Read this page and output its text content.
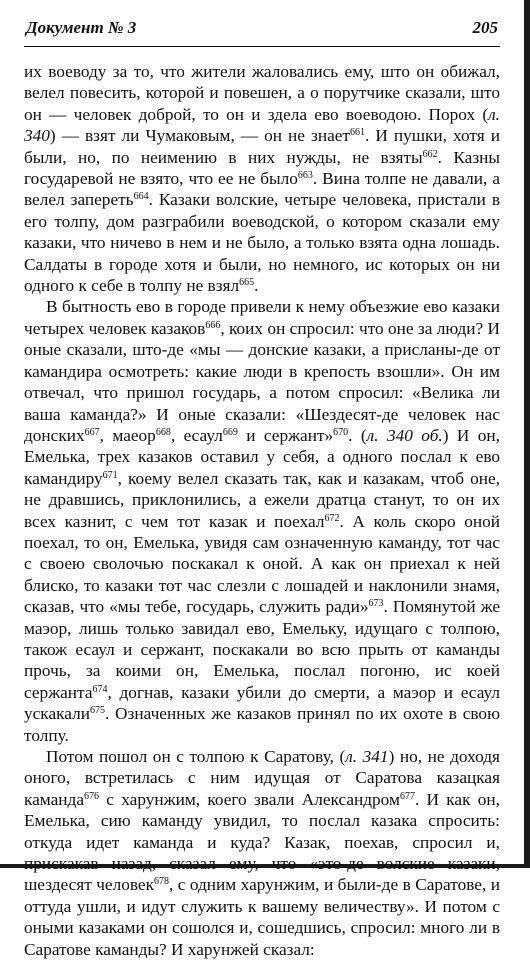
Документ № 3	205

их воеводу за то, что жители жаловались ему, што он обижал, велел повесить, которой и повешен, а о порутчике сказали, што он — человек доброй, то он и здела ево воеводою. Порох (л. 340) — взят ли Чумаковым, — он не знает$^{661}$. И пушки, хотя и были, но, по неимению в них нужды, не взяты$^{662}$. Казны государевой не взято, что ее не было$^{663}$. Вина толпе не давали, а велел запереть$^{664}$. Казаки волские, четыре человека, пристали в его толпу, дом разграбили воеводской, о котором сказали ему казаки, что ничево в нем и не было, а только взята одна лошадь. Салдаты в городе хотя и были, но немного, ис которых он ни одного к себе в толпу не взял$^{665}$.

В бытность ево в городе привели к нему объезжие ево казаки четырех человек казаков$^{666}$, коих он спросил: что оне за люди? И оные сказали, што-де «мы — донские казаки, а присланы-де от камандира осмотреть: какие люди в крепость взошли». Он им отвечал, что пришол государь, а потом спросил: «Велика ли ваша каманда?» И оные сказали: «Шездесят-де человек нас донских$^{667}$, маеор$^{668}$, есаул$^{669}$ и сержант»$^{670}$. (л. 340 об.) И он, Емелька, трех казаков оставил у себя, а одного послал к ево камандиру$^{671}$, коему велел сказать так, как и казакам, чтоб оне, не дравшись, приклонились, а ежели дратца станут, то он их всех казнит, с чем тот казак и поехал$^{672}$. А коль скоро оной поехал, то он, Емелька, увидя сам означенную каманду, тот час с своею сволочью поскакал к оной. А как он приехал к ней блиско, то казаки тот час слезли с лошадей и наклонили знамя, сказав, что «мы тебе, государь, служить ради»$^{673}$. Помянутой же маэор, лишь только завидал ево, Емельку, идущаго с толпою, також есаул и сержант, поскакали во всю прыть от каманды прочь, за коими он, Емелька, послал погоню, ис коей сержанта$^{674}$, догнав, казаки убили до смерти, а маэор и есаул ускакали$^{675}$. Означенных же казаков принял по их охоте в свою толпу.

Потом пошол он с толпою к Саратову, (л. 341) но, не доходя оного, встретилась с ним идущая от Саратова казацкая каманда$^{676}$ с харунжим, коего звали Александром$^{677}$. И как он, Емелька, сию каманду увидил, то послал казака спросить: откуда идет каманда и куда? Казак, поехав, спросил и, прискакав назад, сказал ему, что «это-де волские казаки, шездесят человек$^{678}$, с одним харунжим, и были-де в Саратове, и оттуда ушли, и идут служить к вашему величеству». И потом с оными казаками он сошолся и, сошедшись, спросил: много ли в Саратове каманды? И харунжей сказал:
